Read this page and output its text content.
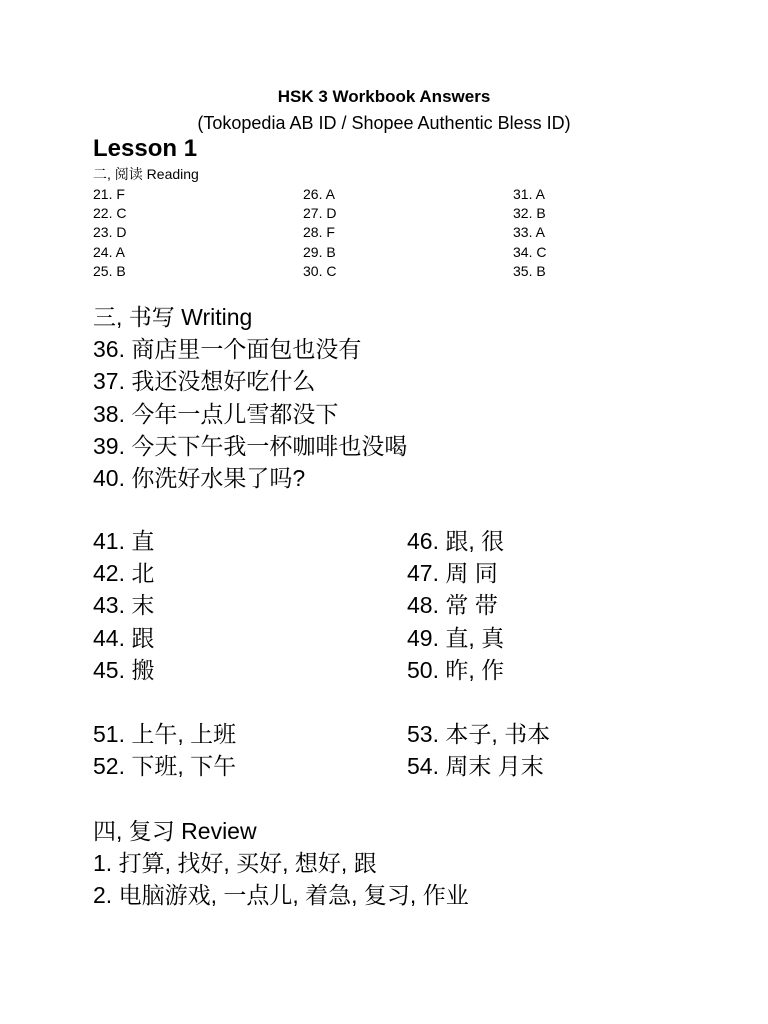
HSK 3 Workbook Answers
(Tokopedia AB ID / Shopee Authentic Bless ID)
Lesson 1
二, 阅读 Reading
21. F
22. C
23. D
24. A
25. B
26. A
27. D
28. F
29. B
30. C
31. A
32. B
33. A
34. C
35. B
三, 书写 Writing
36. 商店里一个面包也没有
37. 我还没想好吃什么
38. 今年一点儿雪都没下
39. 今天下午我一杯咖啡也没喝
40. 你洗好水果了吗?
41. 直
42. 北
43. 末
44. 跟
45. 搬
46. 跟, 很
47. 周 同
48. 常 带
49. 直, 真
50. 昨, 作
51. 上午, 上班
52. 下班, 下午
53. 本子, 书本
54. 周末 月末
四, 复习 Review
1. 打算, 找好, 买好, 想好, 跟
2. 电脑游戏, 一点儿, 着急, 复习, 作业
